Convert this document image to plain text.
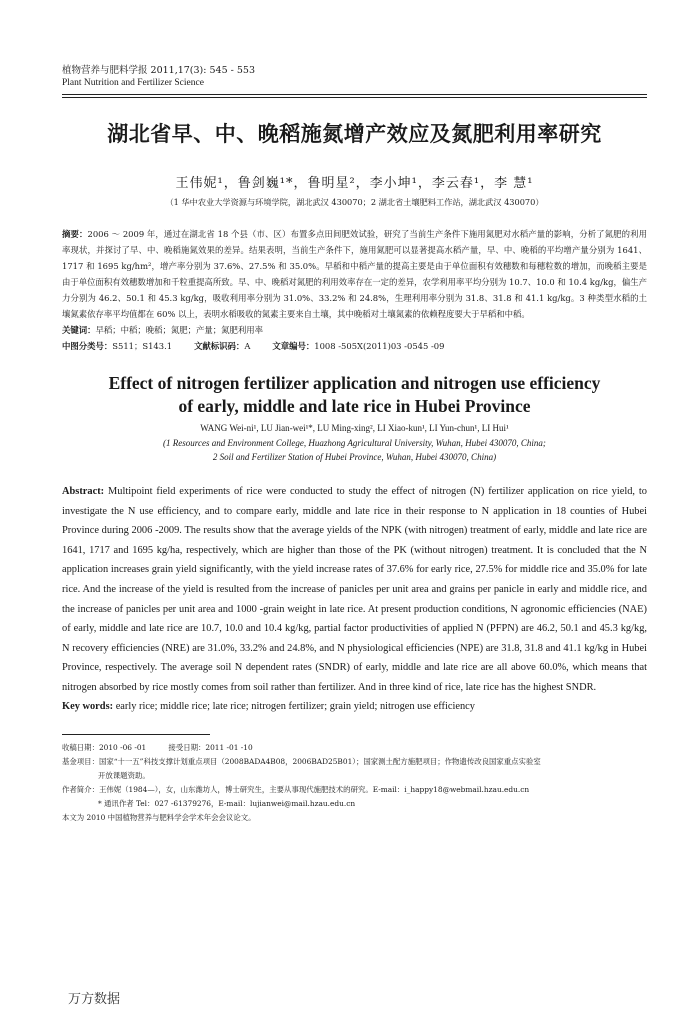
植物营养与肥料学报 2011,17(3): 545 - 553
Plant Nutrition and Fertilizer Science
湖北省早、中、晚稻施氮增产效应及氮肥利用率研究
王伟妮¹，鲁剑巍¹*，鲁明星²，李小坤¹，李云春¹，李 慧¹
（1 华中农业大学资源与环境学院，湖北武汉 430070；2 湖北省土壤肥料工作站，湖北武汉 430070）
摘要：2006 ～ 2009 年，通过在湖北省 18 个县（市、区）布置多点田间肥效试验，研究了当前生产条件下施用氮肥对水稻产量的影响，分析了氮肥的利用率现状，并探讨了早、中、晚稻施氮效果的差异。结果表明，当前生产条件下，施用氮肥可以显著提高水稻产量，早、中、晚稻的平均增产量分别为 1641、1717 和 1695 kg/hm²，增产率分别为 37.6%、27.5% 和 35.0%。早稻和中稻产量的提高主要是由于单位面积有效穗数和每穗粒数的增加，而晚稻主要是由于单位面积有效穗数增加和千粒重提高所致。早、中、晚稻对氮肥的利用效率存在一定的差异，农学利用率平均分别为 10.7、10.0 和 10.4 kg/kg，偏生产力分别为 46.2、50.1 和 45.3 kg/kg，吸收利用率分别为 31.0%、33.2% 和 24.8%，生理利用率分别为 31.8、31.8 和 41.1 kg/kg。3 种类型水稻的土壤氮素依存率平均值都在 60% 以上，表明水稻吸收的氮素主要来自土壤，其中晚稻对土壤氮素的依赖程度要大于早稻和中稻。
关键词：早稻；中稻；晚稻；氮肥；产量；氮肥利用率
中图分类号：S511；S143.1	文献标识码：A	文章编号：1008 -505X(2011)03 -0545 -09
Effect of nitrogen fertilizer application and nitrogen use efficiency
of early, middle and late rice in Hubei Province
WANG Wei-ni¹, LU Jian-wei¹*, LU Ming-xing², LI Xiao-kun¹, LI Yun-chun¹, LI Hui¹
(1 Resources and Environment College, Huazhong Agricultural University, Wuhan, Hubei 430070, China;
2 Soil and Fertilizer Station of Hubei Province, Wuhan, Hubei 430070, China)
Abstract: Multipoint field experiments of rice were conducted to study the effect of nitrogen (N) fertilizer application on rice yield, to investigate the N use efficiency, and to compare early, middle and late rice in their response to N application in 18 counties of Hubei Province during 2006 -2009. The results show that the average yields of the NPK (with nitrogen) treatment of early, middle and late rice are 1641, 1717 and 1695 kg/ha, respectively, which are higher than those of the PK (without nitrogen) treatment. It is concluded that the N application increases grain yield significantly, with the yield increase rates of 37.6% for early rice, 27.5% for middle rice and 35.0% for late rice. And the increase of the yield is resulted from the increase of panicles per unit area and grains per panicle in early and middle rice, and the increase of panicles per unit area and 1000 -grain weight in late rice. At present production conditions, N agronomic efficiencies (NAE) of early, middle and late rice are 10.7, 10.0 and 10.4 kg/kg, partial factor productivities of applied N (PFPN) are 46.2, 50.1 and 45.3 kg/kg, N recovery efficiencies (NRE) are 31.0%, 33.2% and 24.8%, and N physiological efficiencies (NPE) are 31.8, 31.8 and 41.1 kg/kg in Hubei Province, respectively. The average soil N dependent rates (SNDR) of early, middle and late rice are all above 60.0%, which means that nitrogen absorbed by rice mostly comes from soil rather than fertilizer. And in three kind of rice, late rice has the highest SNDR.
Key words: early rice; middle rice; late rice; nitrogen fertilizer; grain yield; nitrogen use efficiency
收稿日期：2010 -06 -01　　　接受日期：2011 -01 -10
基金项目：国家“十一五”科技支撑计划重点项目（2008BADA4B08，2006BAD25B01）；国家测土配方施肥项目；作物遗传改良国家重点实验室
开放课题资助。
作者简介：王伟妮（1984—），女，山东潍坊人，博士研究生，主要从事现代施肥技术的研究。E-mail：i_happy18@webmail.hzau.edu.cn
* 通讯作者 Tel：027 -61379276，E-mail：lujianwei@mail.hzau.edu.cn
本文为 2010 中国植物营养与肥料学会学术年会会议论文。
万方数据
